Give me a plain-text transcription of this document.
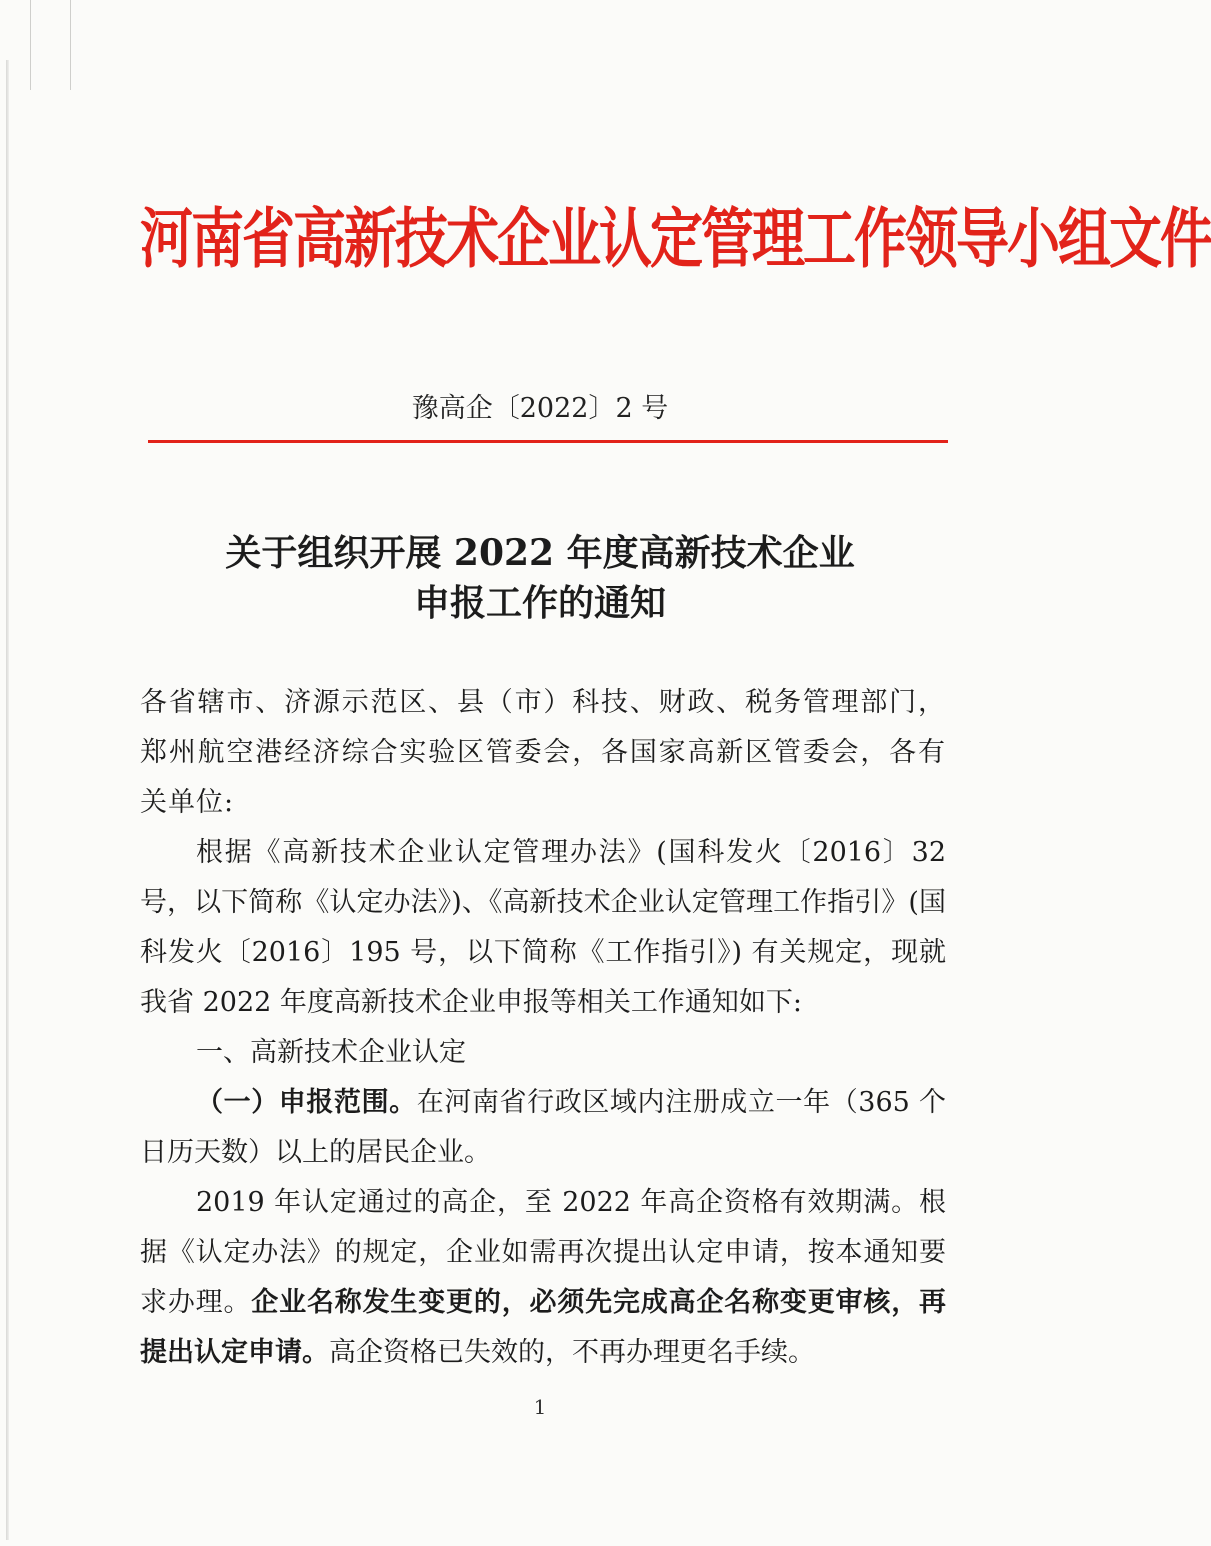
河南省高新技术企业认定管理工作领导小组文件
豫高企〔2022〕2 号
关于组织开展 2022 年度高新技术企业
申报工作的通知

各省辖市、济源示范区、县（市）科技、财政、税务管理部门，郑州航空港经济综合实验区管委会，各国家高新区管委会，各有关单位:

根据《高新技术企业认定管理办法》(国科发火〔2016〕32 号，以下简称《认定办法》)、《高新技术企业认定管理工作指引》(国科发火〔2016〕195 号，以下简称《工作指引》) 有关规定，现就我省 2022 年度高新技术企业申报等相关工作通知如下:

一、高新技术企业认定

（一）申报范围。在河南省行政区域内注册成立一年（365 个日历天数）以上的居民企业。

2019 年认定通过的高企，至 2022 年高企资格有效期满。根据《认定办法》的规定，企业如需再次提出认定申请，按本通知要求办理。企业名称发生变更的，必须先完成高企名称变更审核，再提出认定申请。高企资格已失效的，不再办理更名手续。

1
